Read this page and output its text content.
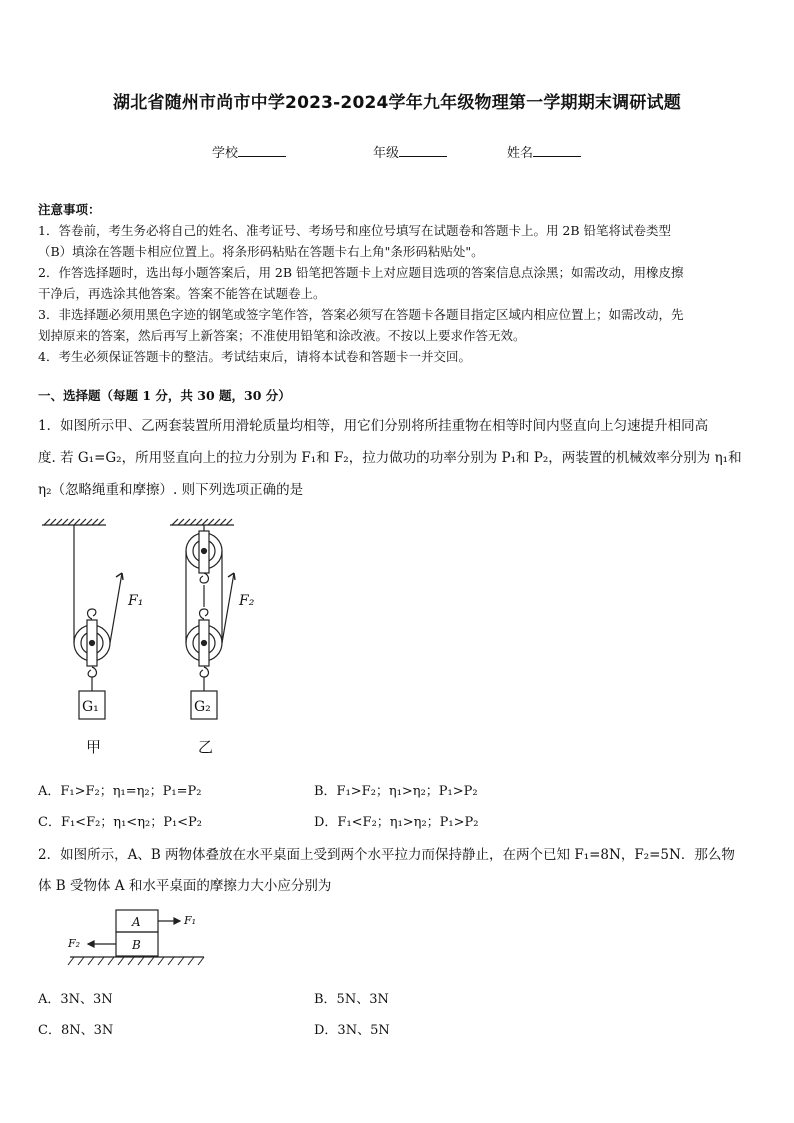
湖北省随州市尚市中学2023-2024学年九年级物理第一学期期末调研试题
学校	年级	姓名
注意事项：
1．答卷前，考生务必将自己的姓名、准考证号、考场号和座位号填写在试题卷和答题卡上。用 2B 铅笔将试卷类型
（B）填涂在答题卡相应位置上。将条形码粘贴在答题卡右上角"条形码粘贴处"。
2．作答选择题时，选出每小题答案后，用 2B 铅笔把答题卡上对应题目选项的答案信息点涂黑；如需改动，用橡皮擦
干净后，再选涂其他答案。答案不能答在试题卷上。
3．非选择题必须用黑色字迹的钢笔或签字笔作答，答案必须写在答题卡各题目指定区域内相应位置上；如需改动，先
划掉原来的答案，然后再写上新答案；不准使用铅笔和涂改液。不按以上要求作答无效。
4．考生必须保证答题卡的整洁。考试结束后，请将本试卷和答题卡一并交回。
一、选择题（每题 1 分，共 30 题，30 分）
1．如图所示甲、乙两套装置所用滑轮质量均相等，用它们分别将所挂重物在相等时间内竖直向上匀速提升相同高
度. 若 G₁=G₂，所用竖直向上的拉力分别为 F₁和 F₂，拉力做功的功率分别为 P₁和 P₂，两装置的机械效率分别为 η₁和
η₂（忽略绳重和摩擦）. 则下列选项正确的是
F₁	F₂
G₁	G₂
甲	乙
A．F₁>F₂；η₁=η₂；P₁=P₂	B．F₁>F₂；η₁>η₂；P₁>P₂
C．F₁<F₂；η₁<η₂；P₁<P₂	D．F₁<F₂；η₁>η₂；P₁>P₂
2．如图所示，A、B 两物体叠放在水平桌面上受到两个水平拉力而保持静止，在两个已知 F₁=8N，F₂=5N．那么物
体 B 受物体 A 和水平桌面的摩擦力大小应分别为
A
B
F₁
F₂
A．3N、3N	B．5N、3N
C．8N、3N	D．3N、5N
